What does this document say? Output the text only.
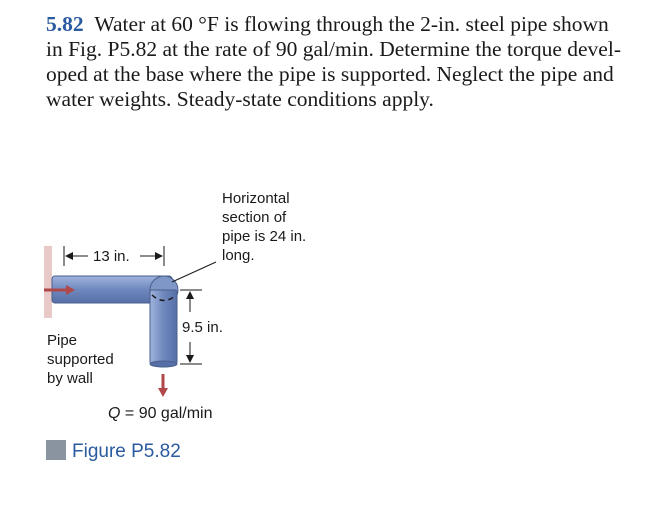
5.82 Water at 60 °F is flowing through the 2-in. steel pipe shown
in Fig. P5.82 at the rate of 90 gal/min. Determine the torque devel-
oped at the base where the pipe is supported. Neglect the pipe and
water weights. Steady-state conditions apply.
Horizontal
section of
pipe is 24 in.
long.
13 in.
9.5 in.
Pipe
supported
by wall
Q = 90 gal/min
Figure P5.82
